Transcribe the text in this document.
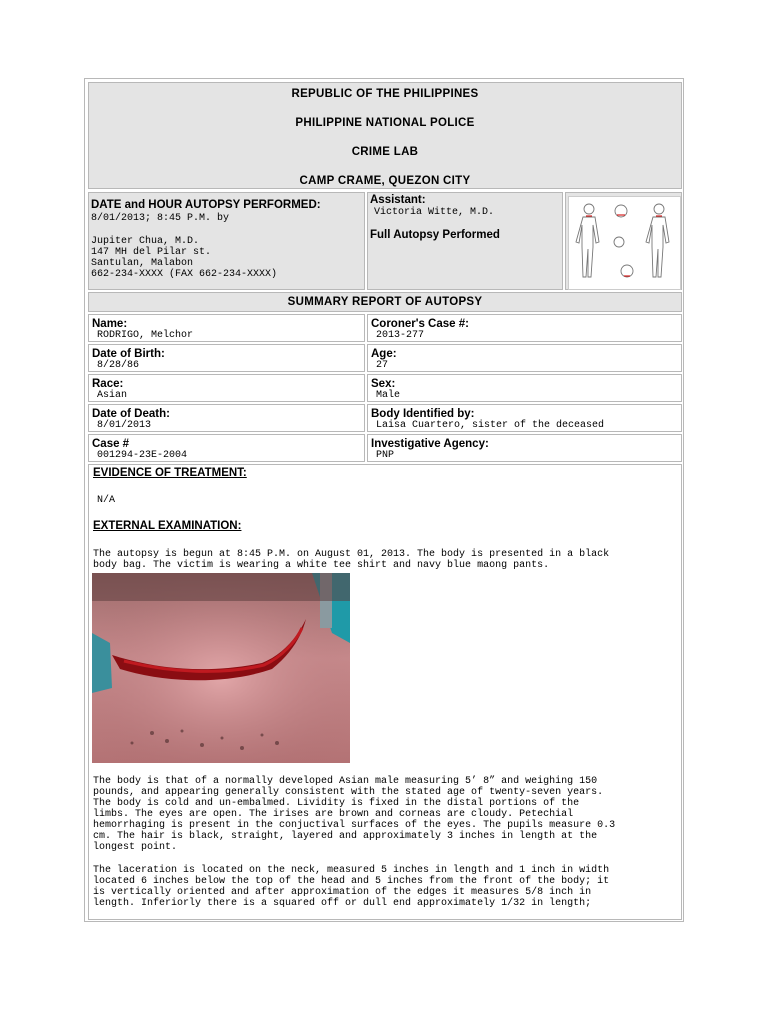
REPUBLIC OF THE PHILIPPINES
PHILIPPINE NATIONAL POLICE
CRIME LAB
CAMP CRAME, QUEZON CITY
DATE and HOUR AUTOPSY PERFORMED:
8/01/2013; 8:45 P.M. by
Jupiter Chua, M.D.
147 MH del Pilar st.
Santulan, Malabon
662-234-XXXX (FAX 662-234-XXXX)
Assistant:
Victoria Witte, M.D.
Full Autopsy Performed
SUMMARY REPORT OF AUTOPSY
Name:
RODRIGO, Melchor
Coroner's Case #:
2013-277
Date of Birth:
8/28/86
Age:
27
Race:
Asian
Sex:
Male
Date of Death:
8/01/2013
Body Identified by:
Laisa Cuartero, sister of the deceased
Case #
001294-23E-2004
Investigative Agency:
PNP
EVIDENCE OF TREATMENT:
N/A
EXTERNAL EXAMINATION:
The autopsy is begun at 8:45 P.M. on August 01, 2013. The body is presented in a black
body bag. The victim is wearing a white tee shirt and navy blue maong pants.
The body is that of a normally developed Asian male measuring 5’ 8” and weighing 150
pounds, and appearing generally consistent with the stated age of twenty-seven years.
The body is cold and un-embalmed. Lividity is fixed in the distal portions of the
limbs. The eyes are open. The irises are brown and corneas are cloudy. Petechial
hemorrhaging is present in the conjuctival surfaces of the eyes. The pupils measure 0.3
cm. The hair is black, straight, layered and approximately 3 inches in length at the
longest point.
The laceration is located on the neck, measured 5 inches in length and 1 inch in width
located 6 inches below the top of the head and 5 inches from the front of the body; it
is vertically oriented and after approximation of the edges it measures 5/8 inch in
length. Inferiorly there is a squared off or dull end approximately 1/32 in length;
